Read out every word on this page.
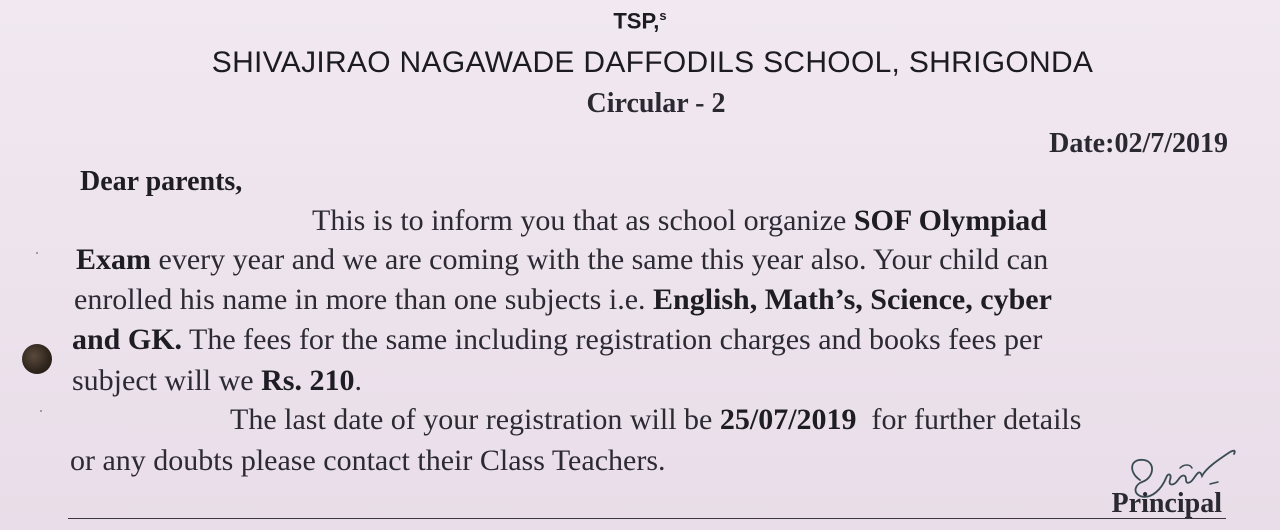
TSP,$^s$
SHIVAJIRAO NAGAWADE DAFFODILS SCHOOL, SHRIGONDA
Circular - 2
Date:02/7/2019
Dear parents,
This is to inform you that as school organize SOF Olympiad
Exam every year and we are coming with the same this year also. Your child can
enrolled his name in more than one subjects i.e. English, Math’s, Science, cyber
and GK. The fees for the same including registration charges and books fees per
subject will we Rs. 210.
The last date of your registration will be 25/07/2019  for further details
or any doubts please contact their Class Teachers.
Principal
